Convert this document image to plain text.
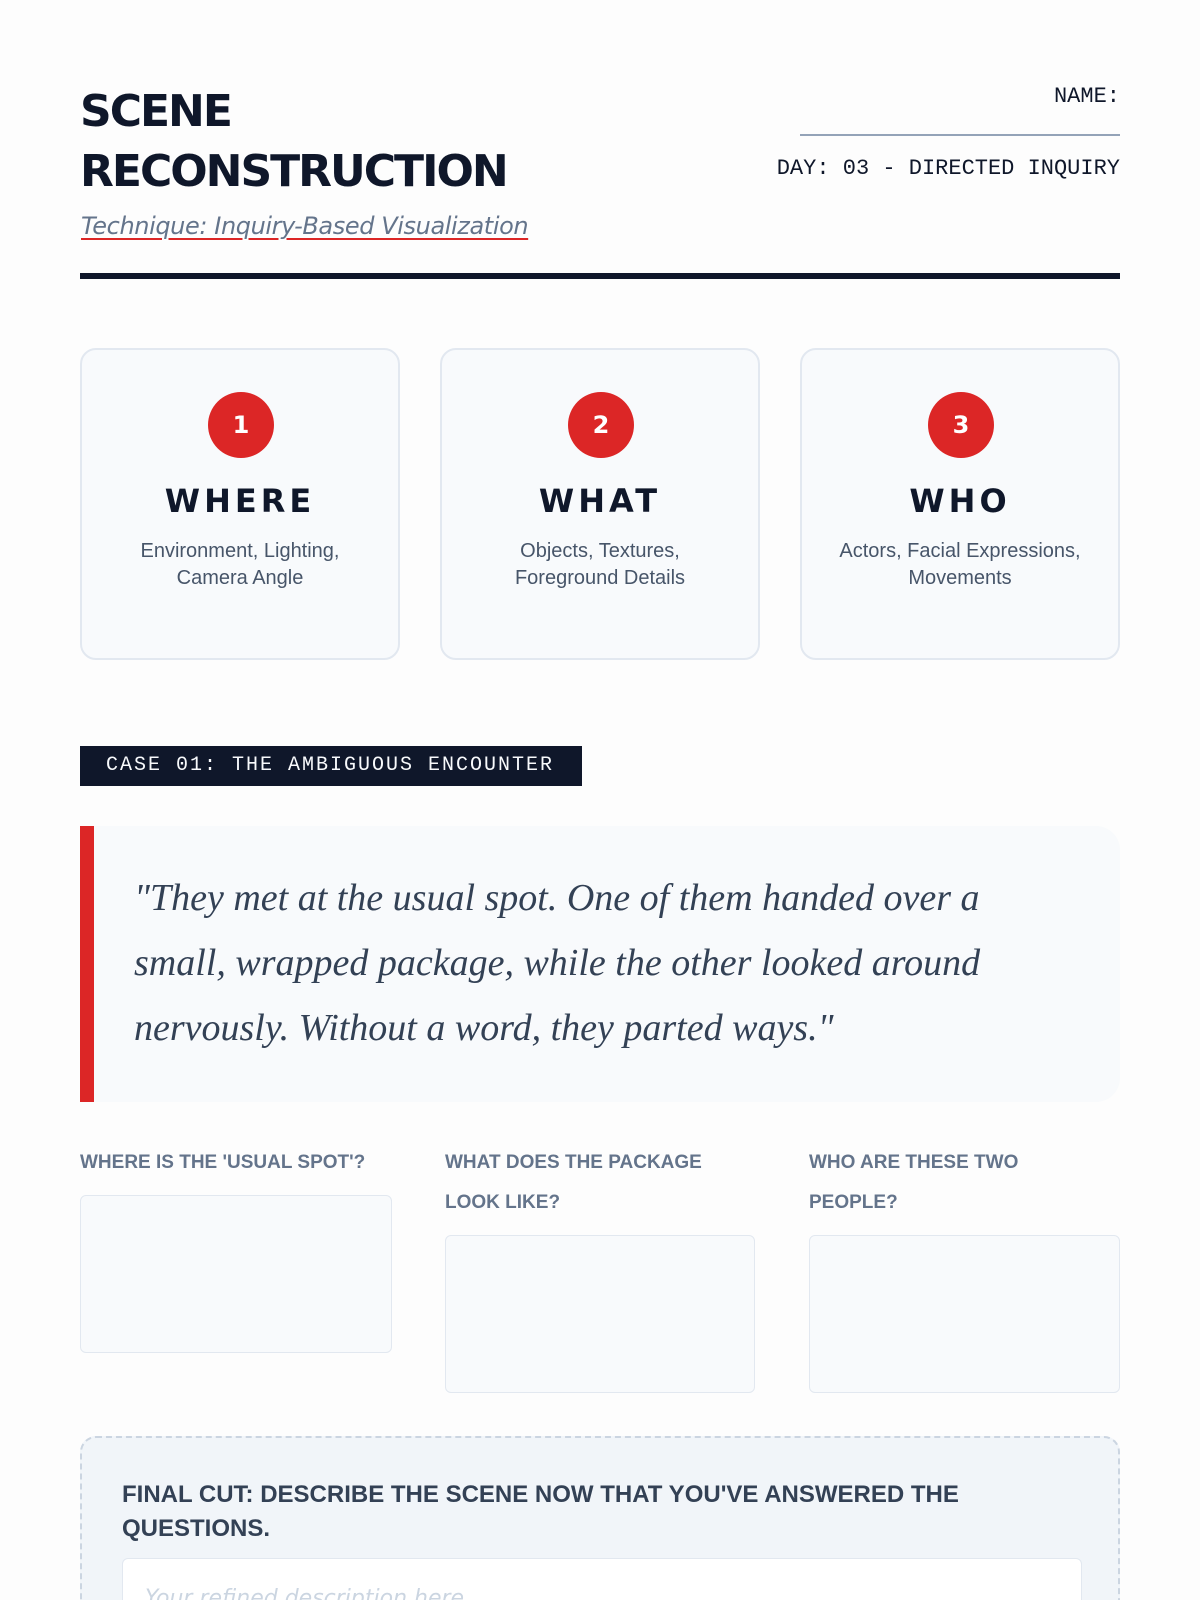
SCENE
RECONSTRUCTION
Technique: Inquiry-Based Visualization
NAME:
DAY: 03 - DIRECTED INQUIRY
1
WHERE
Environment, Lighting, Camera Angle
2
WHAT
Objects, Textures, Foreground Details
3
WHO
Actors, Facial Expressions, Movements
CASE 01: THE AMBIGUOUS ENCOUNTER

"They met at the usual spot. One of them handed over a small, wrapped package, while the other looked around nervously. Without a word, they parted ways."

WHERE IS THE 'USUAL SPOT'?	WHAT DOES THE PACKAGE LOOK LIKE?
WHO ARE THESE TWO PEOPLE?
FINAL CUT: DESCRIBE THE SCENE NOW THAT YOU'VE ANSWERED THE QUESTIONS.
Your refined description here...
